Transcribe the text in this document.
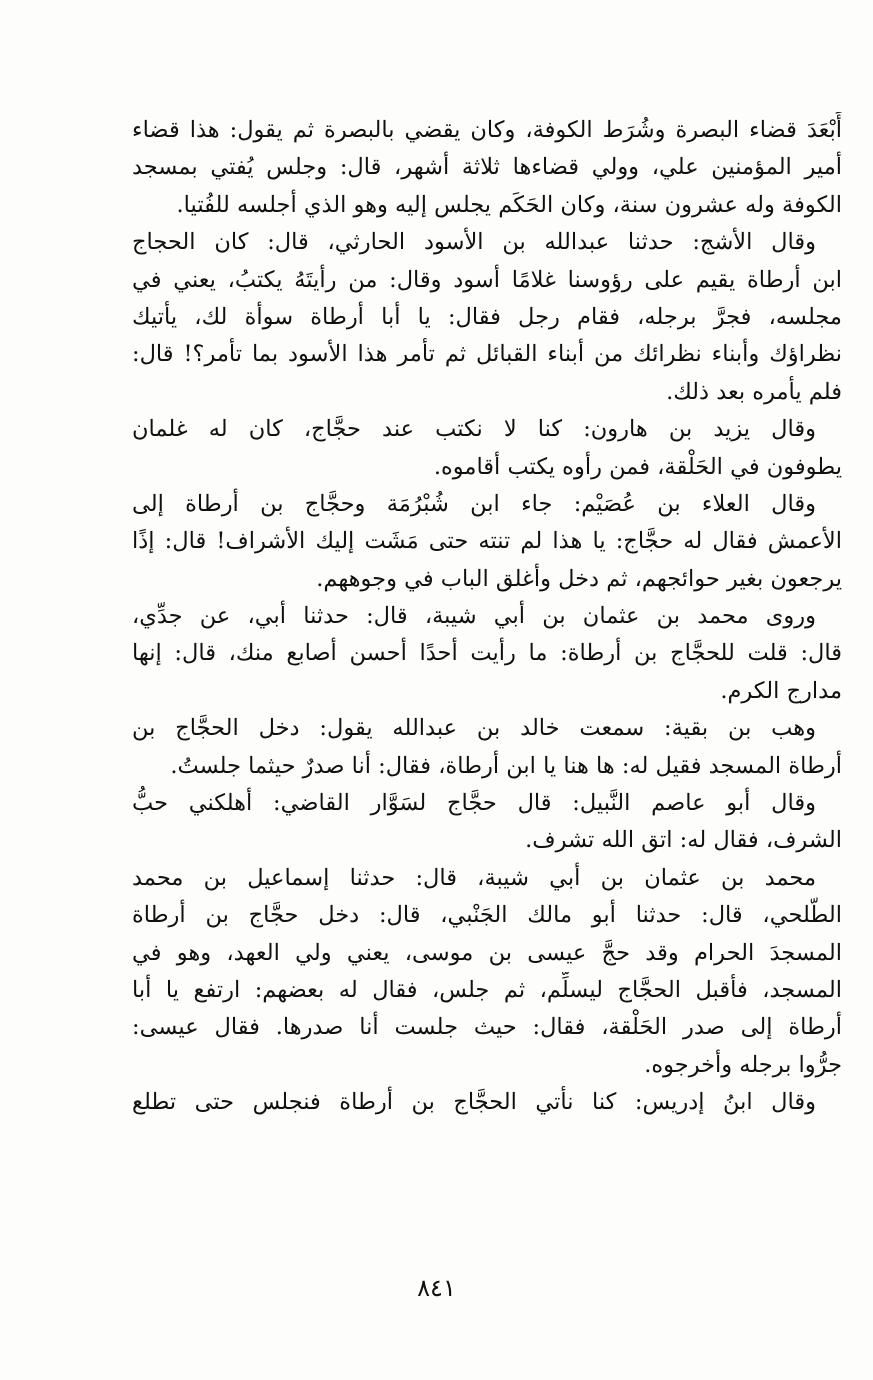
أَبْعَدَ قضاء البصرة وشُرَط الكوفة، وكان يقضي بالبصرة ثم يقول: هذا قضاء
أمير المؤمنين علي، وولي قضاءها ثلاثة أشهر، قال: وجلس يُفتي بمسجد
الكوفة وله عشرون سنة، وكان الحَكَم يجلس إليه وهو الذي أجلسه للفُتيا.
وقال الأشج: حدثنا عبدالله بن الأسود الحارثي، قال: كان الحجاج
ابن أرطاة يقيم على رؤوسنا غلامًا أسود وقال: من رأيتَهُ يكتبُ، يعني في
مجلسه، فجرَّ برجله، فقام رجل فقال: يا أبا أرطاة سوأة لك، يأتيك
نظراؤك وأبناء نظرائك من أبناء القبائل ثم تأمر هذا الأسود بما تأمر؟! قال:
فلم يأمره بعد ذلك.
وقال يزيد بن هارون: كنا لا نكتب عند حجَّاج، كان له غلمان
يطوفون في الحَلْقة، فمن رأوه يكتب أقاموه.
وقال العلاء بن عُصَيْم: جاء ابن شُبْرُمَة وحجَّاج بن أرطاة إلى
الأعمش فقال له حجَّاج: يا هذا لم تنته حتى مَشَت إليك الأشراف! قال: إذًا
يرجعون بغير حوائجهم، ثم دخل وأغلق الباب في وجوههم.
وروى محمد بن عثمان بن أبي شيبة، قال: حدثنا أبي، عن جدِّي،
قال: قلت للحجَّاج بن أرطاة: ما رأيت أحدًا أحسن أصابع منك، قال: إنها
مدارج الكرم.
وهب بن بقية: سمعت خالد بن عبدالله يقول: دخل الحجَّاج بن
أرطاة المسجد فقيل له: ها هنا يا ابن أرطاة، فقال: أنا صدرٌ حيثما جلستُ.
وقال أبو عاصم النَّبيل: قال حجَّاج لسَوَّار القاضي: أهلكني حبُّ
الشرف، فقال له: اتق الله تشرف.
محمد بن عثمان بن أبي شيبة، قال: حدثنا إسماعيل بن محمد
الطَّلحي، قال: حدثنا أبو مالك الجَنْبي، قال: دخل حجَّاج بن أرطاة
المسجدَ الحرام وقد حجَّ عيسى بن موسى، يعني ولي العهد، وهو في
المسجد، فأقبل الحجَّاج ليسلِّم، ثم جلس، فقال له بعضهم: ارتفع يا أبا
أرطاة إلى صدر الحَلْقة، فقال: حيث جلست أنا صدرها. فقال عيسى:
جرُّوا برجله وأخرجوه.
وقال ابنُ إدريس: كنا نأتي الحجَّاج بن أرطاة فنجلس حتى تطلع
٨٤١
